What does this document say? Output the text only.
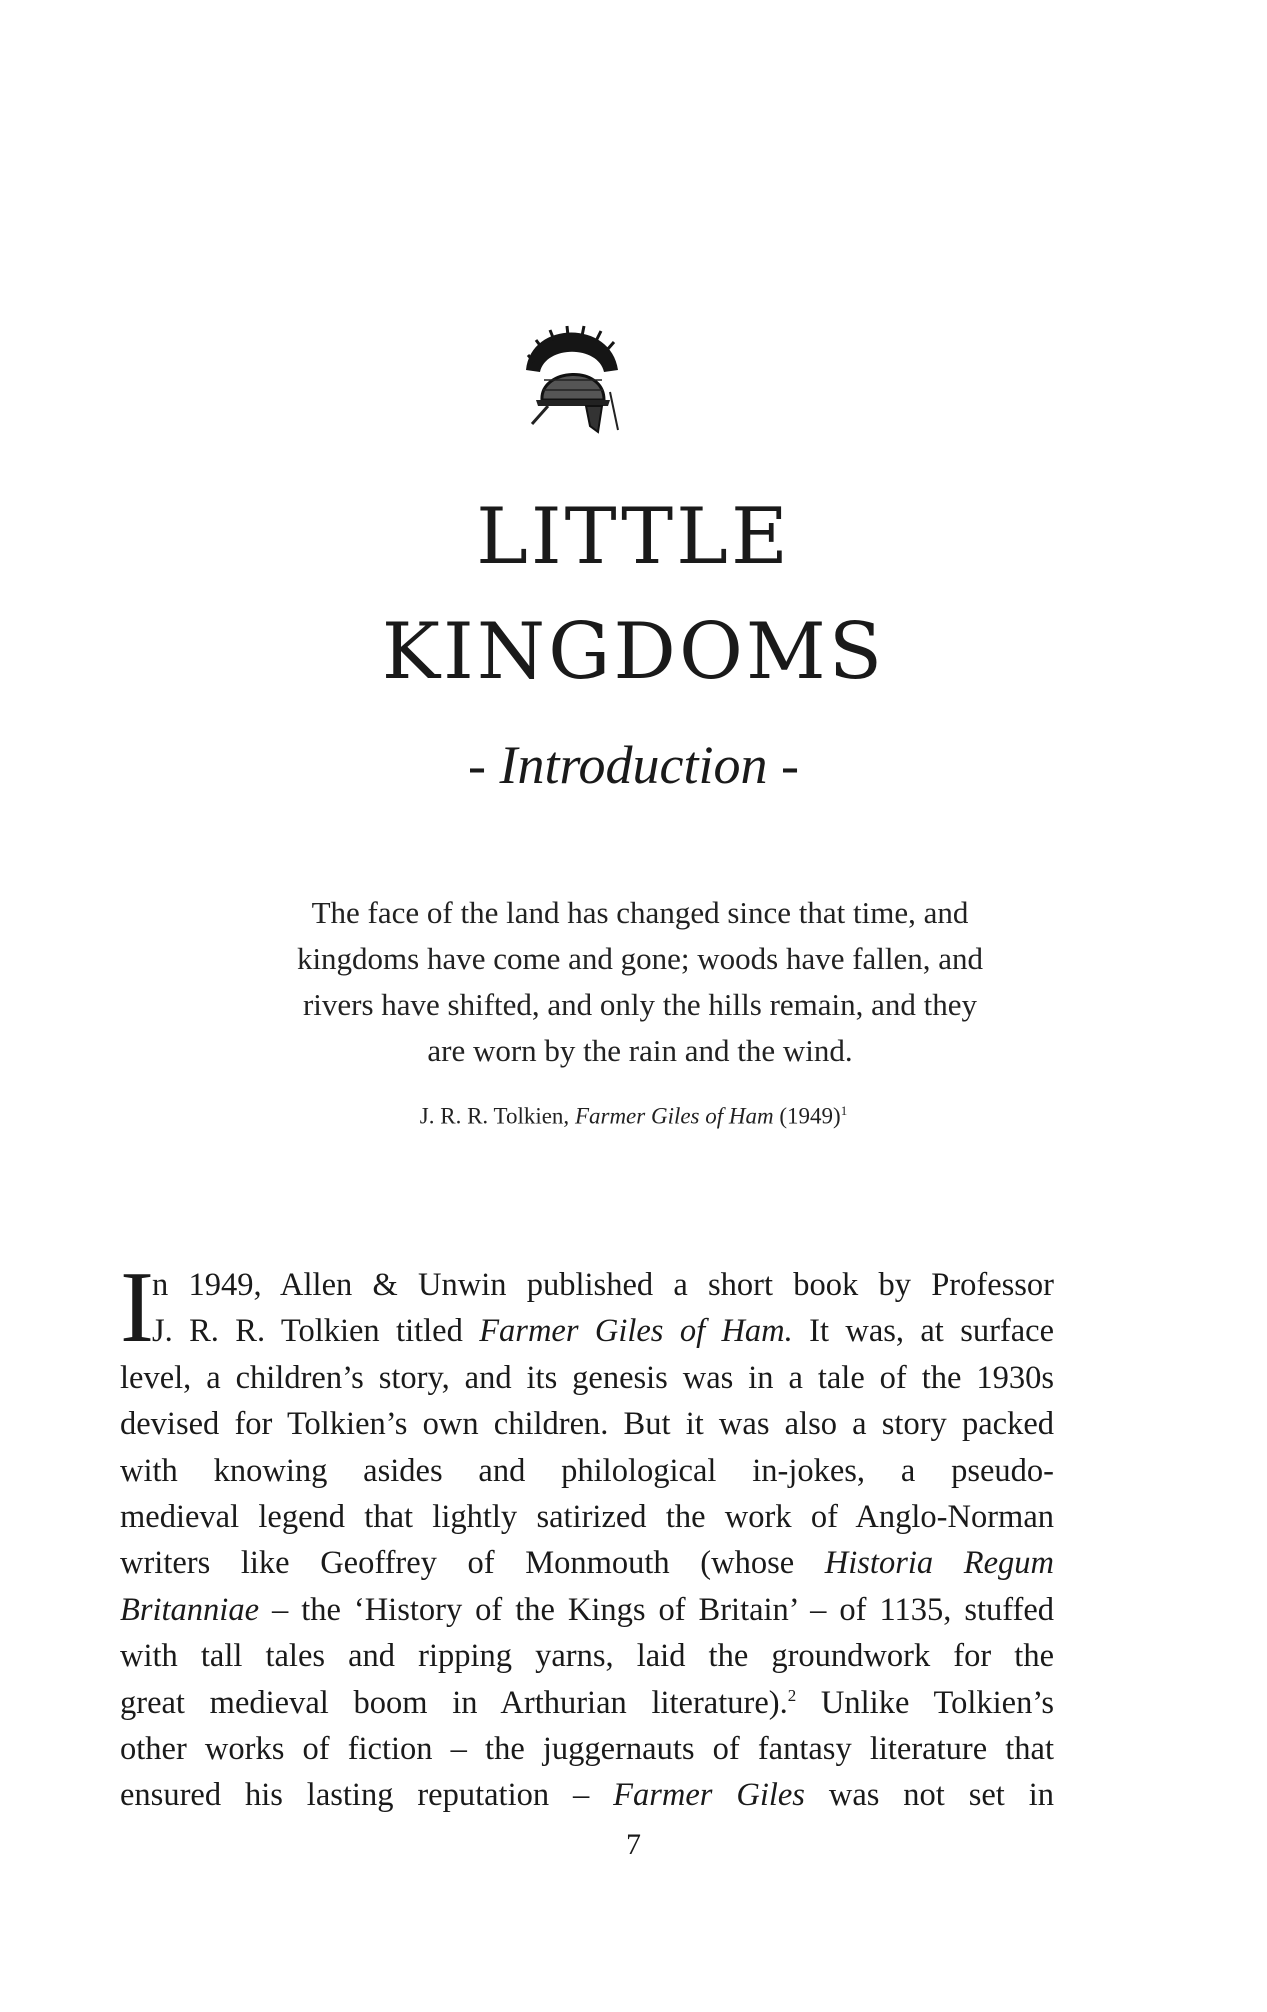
LITTLE
KINGDOMS
- Introduction -
The face of the land has changed since that time, and
kingdoms have come and gone; woods have fallen, and
rivers have shifted, and only the hills remain, and they
are worn by the rain and the wind.
J. R. R. Tolkien, Farmer Giles of Ham $(1949)^1$
I
n 1949, Allen & Unwin published a short book by Professor
J. R. R. Tolkien titled Farmer Giles of Ham. It was, at surface
level, a children’s story, and its genesis was in a tale of the 1930s
devised for Tolkien’s own children. But it was also a story packed
with knowing asides and philological in-jokes, a pseudo-
medieval legend that lightly satirized the work of Anglo-Norman
writers like Geoffrey of Monmouth (whose Historia Regum
Britanniae – the ‘History of the Kings of Britain’ – of 1135, stuffed
with tall tales and ripping yarns, laid the groundwork for the
great medieval boom in Arthurian literature).$^2$ Unlike Tolkien’s
other works of fiction – the juggernauts of fantasy literature that
ensured his lasting reputation – Farmer Giles was not set in
7
